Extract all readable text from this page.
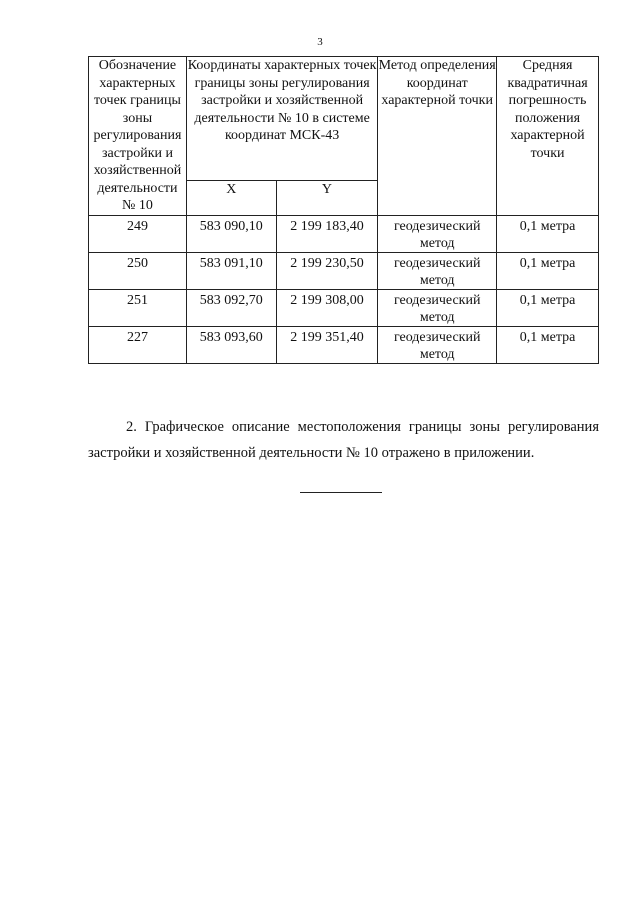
3
Обозначение характерных точек границы зоны регулирования застройки и хозяйственной деятельности № 10	Координаты характерных точек границы зоны регулирования застройки и хозяйственной деятельности № 10 в системе координат МСК-43		Метод определения координат характерной точки	Средняя квадратичная погрешность положения характерной точки
	X	Y		
249	583 090,10	2 199 183,40	геодезический метод	0,1 метра
250	583 091,10	2 199 230,50	геодезический метод	0,1 метра
251	583 092,70	2 199 308,00	геодезический метод	0,1 метра
227	583 093,60	2 199 351,40	геодезический метод	0,1 метра
2. Графическое описание местоположения границы зоны регулирования застройки и хозяйственной деятельности № 10 отражено в приложении.
